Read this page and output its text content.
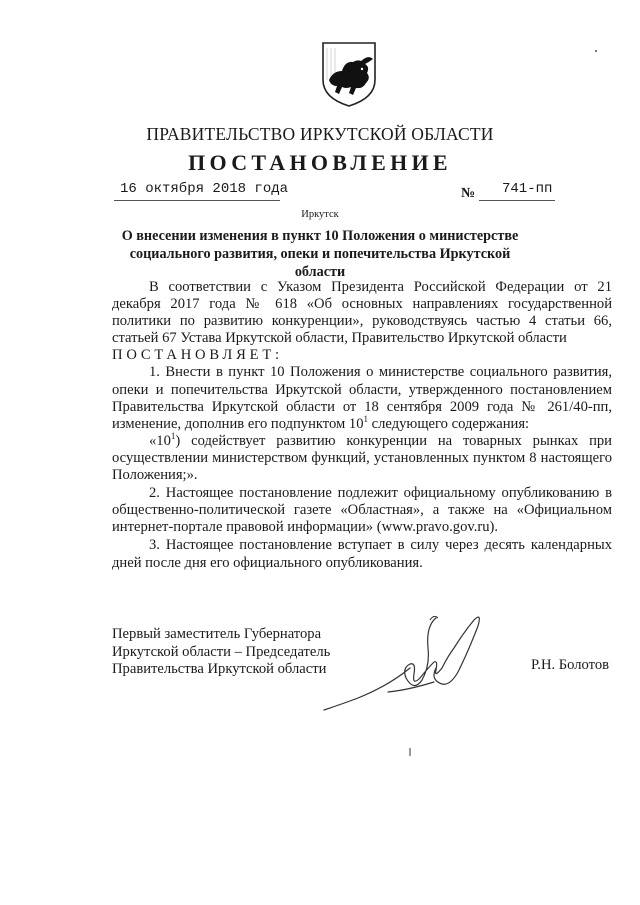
ПРАВИТЕЛЬСТВО ИРКУТСКОЙ ОБЛАСТИ
ПОСТАНОВЛЕНИЕ
16 октября 2018 года	№ 741-пп
Иркутск
О внесении изменения в пункт 10 Положения о министерстве социального развития, опеки и попечительства Иркутской области

В соответствии с Указом Президента Российской Федерации от 21 декабря 2017 года № 618 «Об основных направлениях государственной политики по развитию конкуренции», руководствуясь частью 4 статьи 66, статьей 67 Устава Иркутской области, Правительство Иркутской области

ПОСТАНОВЛЯЕТ:

1. Внести в пункт 10 Положения о министерстве социального развития, опеки и попечительства Иркутской области, утвержденного постановлением Правительства Иркутской области от 18 сентября 2009 года № 261/40-пп, изменение, дополнив его подпунктом $10^1$ следующего содержания:

«$10^1$) содействует развитию конкуренции на товарных рынках при осуществлении министерством функций, установленных пунктом 8 настоящего Положения;».

2. Настоящее постановление подлежит официальному опубликованию в общественно-политической газете «Областная», а также на «Официальном интернет-портале правовой информации» (www.pravo.gov.ru).

3. Настоящее постановление вступает в силу через десять календарных дней после дня его официального опубликования.

Первый заместитель Губернатора
Иркутской области – Председатель
Правительства Иркутской области	Р.Н. Болотов
